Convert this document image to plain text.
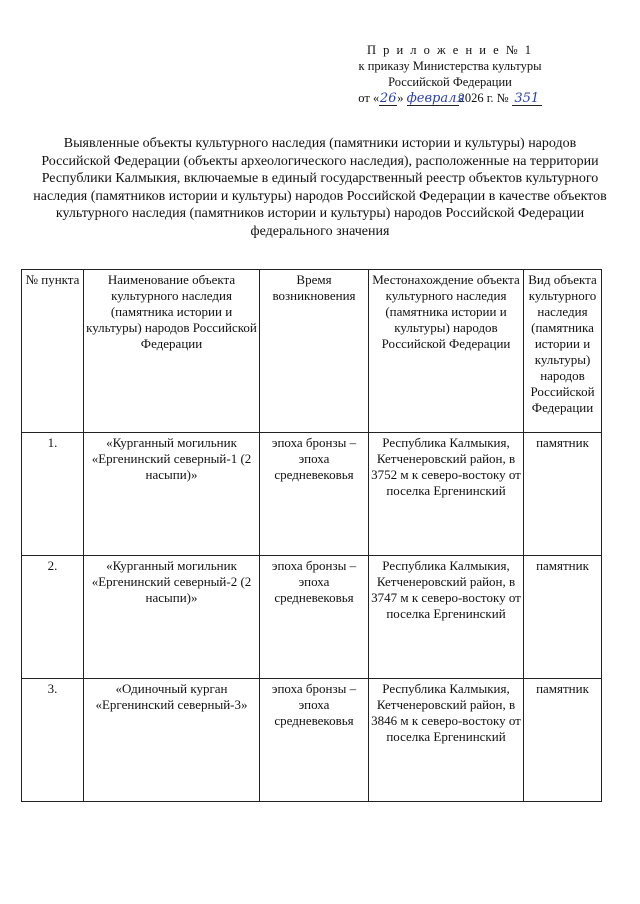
П р и л о ж е н и е № 1
к приказу Министерства культуры
Российской Федерации
от «26» февраля2026 г. № 351
Выявленные объекты культурного наследия (памятники истории и культуры) народов Российской Федерации (объекты археологического наследия), расположенные на территории Республики Калмыкия, включаемые в единый государственный реестр объектов культурного наследия (памятников истории и культуры) народов Российской Федерации в качестве объектов культурного наследия (памятников истории и культуры) народов Российской Федерации федерального значения
№ пункта	Наименование объекта культурного наследия (памятника истории и культуры) народов Российской Федерации	Время возникновения	Местонахождение объекта культурного наследия (памятника истории и культуры) народов Российской Федерации	Вид объекта культурного наследия (памятника истории и культуры) народов Российской Федерации
1.	«Курганный могильник «Ергенинский северный-1 (2 насыпи)»	эпоха бронзы – эпоха средневековья	Республика Калмыкия, Кетченеровский район, в 3752 м к северо-востоку от поселка Ергенинский	памятник
2.	«Курганный могильник «Ергенинский северный-2 (2 насыпи)»	эпоха бронзы – эпоха средневековья	Республика Калмыкия, Кетченеровский район, в 3747 м к северо-востоку от поселка Ергенинский	памятник
3.	«Одиночный курган «Ергенинский северный-3»	эпоха бронзы – эпоха средневековья	Республика Калмыкия, Кетченеровский район, в 3846 м к северо-востоку от поселка Ергенинский	памятник
